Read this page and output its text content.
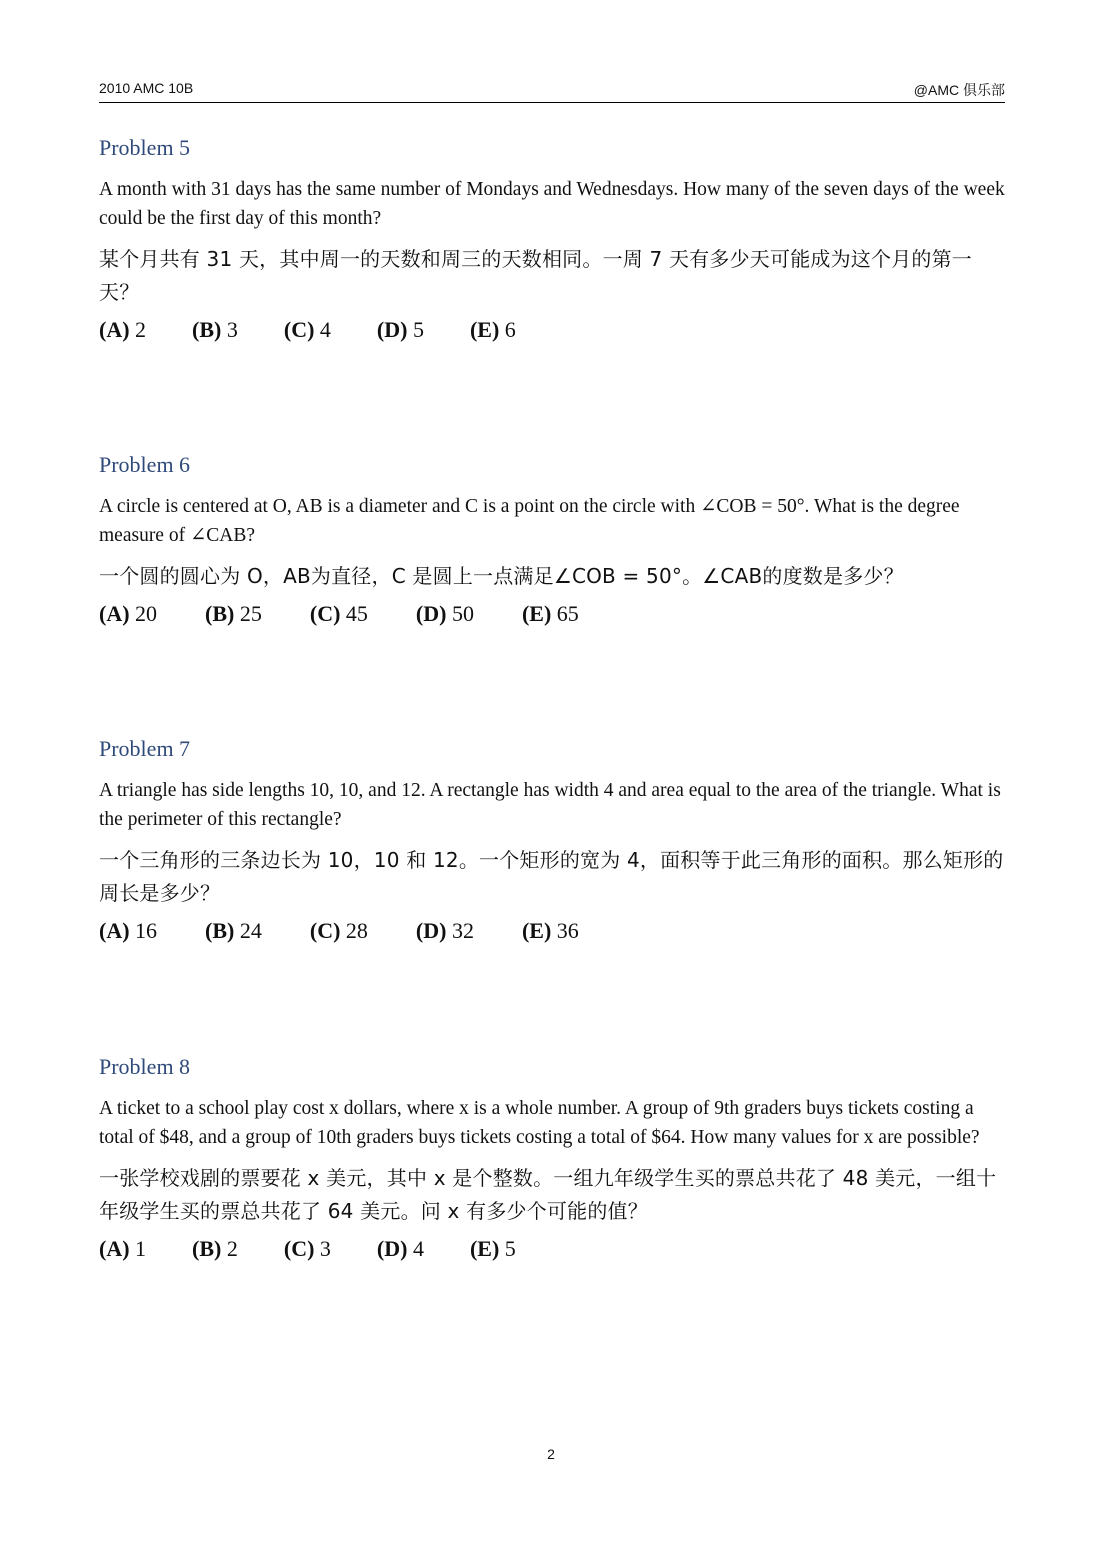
2010 AMC 10B	@AMC 俱乐部
Problem 5
A month with 31 days has the same number of Mondays and Wednesdays. How many of the seven days of the week could be the first day of this month?
某个月共有 31 天，其中周一的天数和周三的天数相同。一周 7 天有多少天可能成为这个月的第一天？
(A) 2 (B) 3 (C) 4 (D) 5 (E) 6
Problem 6
A circle is centered at O, AB is a diameter and C is a point on the circle with ∠COB = 50°. What is the degree measure of ∠CAB?
一个圆的圆心为 O，AB为直径，C 是圆上一点满足∠COB = 50°。∠CAB的度数是多少？
(A) 20 (B) 25 (C) 45 (D) 50 (E) 65
Problem 7
A triangle has side lengths 10, 10, and 12. A rectangle has width 4 and area equal to the area of the triangle. What is the perimeter of this rectangle?
一个三角形的三条边长为 10，10 和 12。一个矩形的宽为 4，面积等于此三角形的面积。那么矩形的周长是多少？
(A) 16 (B) 24 (C) 28 (D) 32 (E) 36
Problem 8
A ticket to a school play cost x dollars, where x is a whole number. A group of 9th graders buys tickets costing a total of $48, and a group of 10th graders buys tickets costing a total of $64. How many values for x are possible?
一张学校戏剧的票要花 x 美元，其中 x 是个整数。一组九年级学生买的票总共花了 48 美元，一组十年级学生买的票总共花了 64 美元。问 x 有多少个可能的值？
(A) 1 (B) 2 (C) 3 (D) 4 (E) 5
2
